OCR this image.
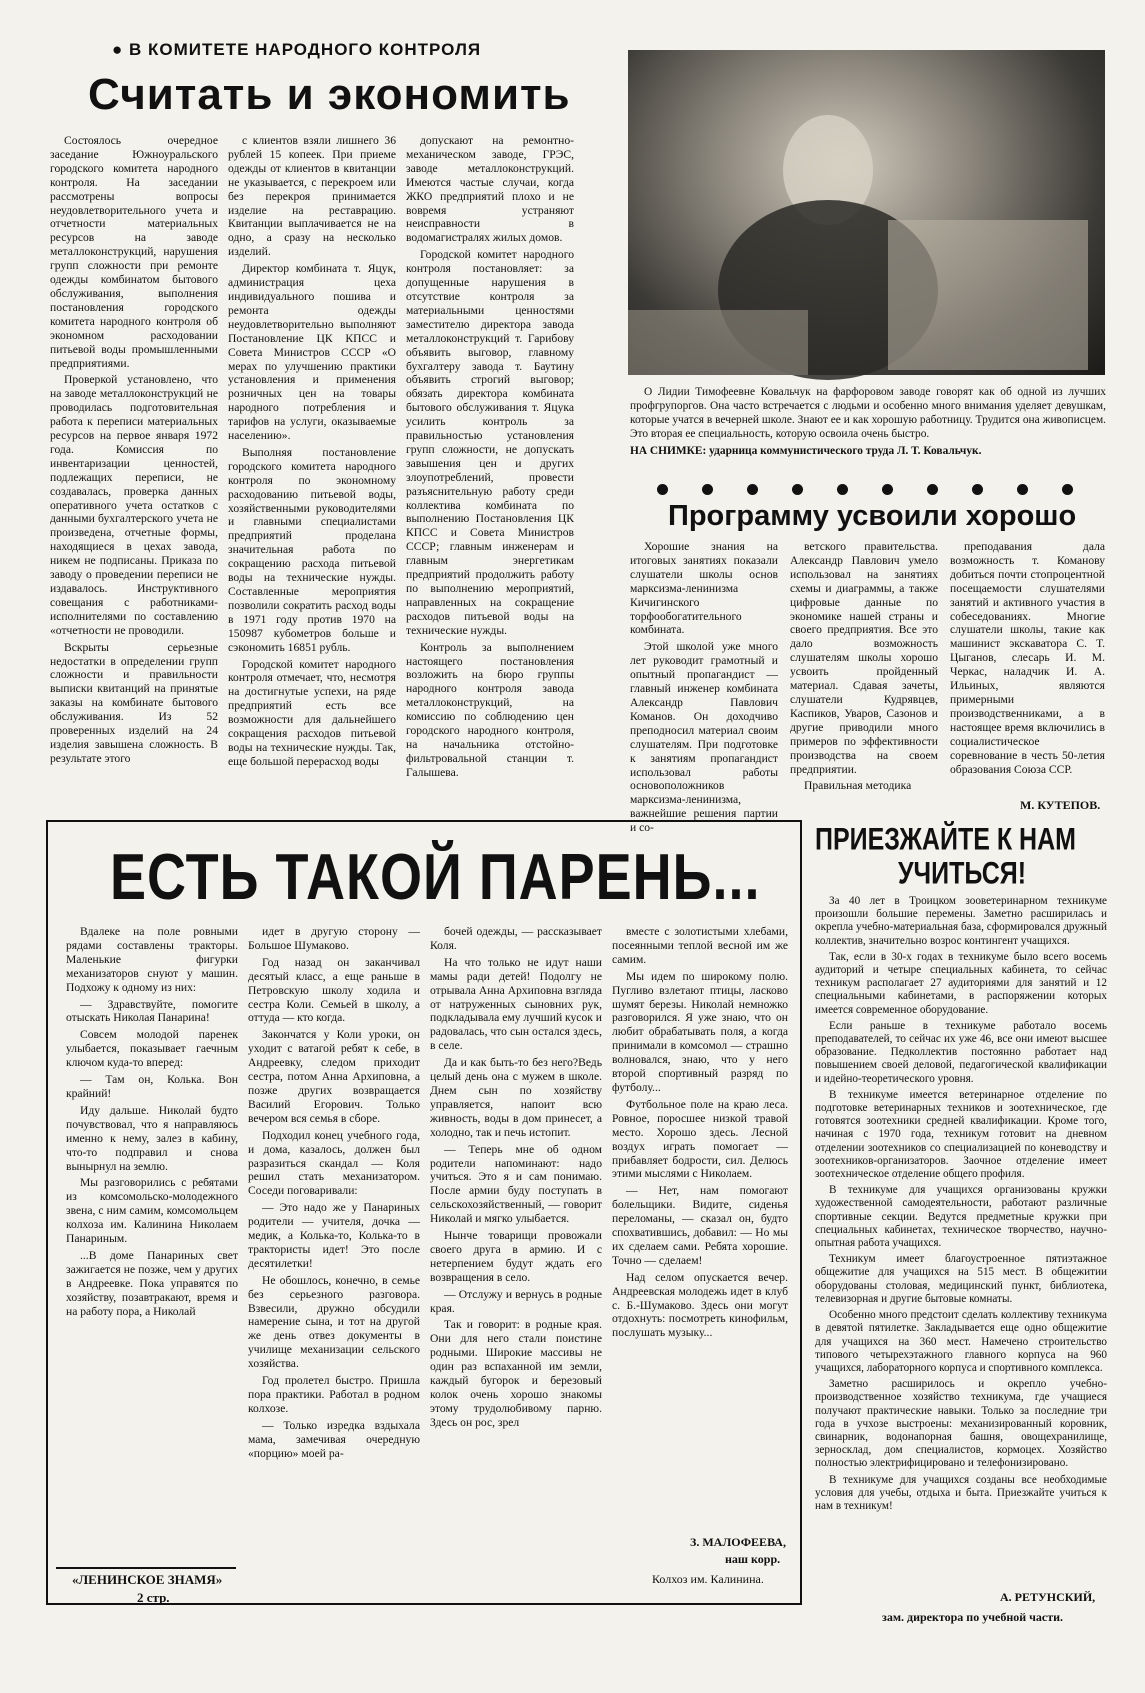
● В КОМИТЕТЕ НАРОДНОГО КОНТРОЛЯ
Считать и экономить

Состоялось очередное заседание Южноуральского городского комитета народного контроля. На заседании рассмотрены вопросы неудовлетворительного учета и отчетности материальных ресурсов на заводе металлоконструкций, нарушения групп сложности при ремонте одежды комбинатом бытового обслуживания, выполнения постановления городского комитета народного контроля об экономном расходовании питьевой воды промышленными предприятиями.

Проверкой установлено, что на заводе металлоконструкций не проводилась подготовительная работа к переписи материальных ресурсов на первое января 1972 года. Комиссия по инвентаризации ценностей, подлежащих переписи, не создавалась, проверка данных оперативного учета остатков с данными бухгалтерского учета не произведена, отчетные формы, находящиеся в цехах завода, никем не подписаны. Приказа по заводу о проведении переписи не издавалось. Инструктивного совещания с работниками-исполнителями по составлению «отчетности не проводили.

Вскрыты серьезные недостатки в определении групп сложности и правильности выписки квитанций на принятые заказы на комбинате бытового обслуживания. Из 52 проверенных изделий на 24 изделия завышена сложность. В результате этого

с клиентов взяли лишнего 36 рублей 15 копеек. При приеме одежды от клиентов в квитанции не указывается, с перекроем или без перекроя принимается изделие на реставрацию. Квитанции выплачивается не на одно, а сразу на несколько изделий.

Директор комбината т. Яцук, администрация цеха индивидуального пошива и ремонта одежды неудовлетворительно выполняют Постановление ЦК КПСС и Совета Министров СССР «О мерах по улучшению практики установления и применения розничных цен на товары народного потребления и тарифов на услуги, оказываемые населению».

Выполняя постановление городского комитета народного контроля по экономному расходованию питьевой воды, хозяйственными руководителями и главными специалистами предприятий проделана значительная работа по сокращению расхода питьевой воды на технические нужды. Составленные мероприятия позволили сократить расход воды в 1971 году против 1970 на 150987 кубометров больше и сэкономить 16851 рубль.

Городской комитет народного контроля отмечает, что, несмотря на достигнутые успехи, на ряде предприятий есть все возможности для дальнейшего сокращения расходов питьевой воды на технические нужды. Так, еще большой перерасход воды

допускают на ремонтно-механическом заводе, ГРЭС, заводе металлоконструкций. Имеются частые случаи, когда ЖКО предприятий плохо и не вовремя устраняют неисправности в водомагистралях жилых домов.

Городской комитет народного контроля постановляет: за допущенные нарушения в отсутствие контроля за материальными ценностями заместителю директора завода металлоконструкций т. Гарибову объявить выговор, главному бухгалтеру завода т. Баутину объявить строгий выговор; обязать директора комбината бытового обслуживания т. Яцука усилить контроль за правильностью установления групп сложности, не допускать завышения цен и других злоупотреблений, провести разъяснительную работу среди коллектива комбината по выполнению Постановления ЦК КПСС и Совета Министров СССР; главным инженерам и главным энергетикам предприятий продолжить работу по выполнению мероприятий, направленных на сокращение расходов питьевой воды на технические нужды.

Контроль за выполнением настоящего постановления возложить на бюро группы народного контроля завода металлоконструкций, на комиссию по соблюдению цен городского народного контроля, на начальника отстойно-фильтровальной станции т. Галышева.

О Лидии Тимофеевне Ковальчук на фарфоровом заводе говорят как об одной из лучших профгрупоргов. Она часто встречается с людьми и особенно много внимания уделяет девушкам, которые учатся в вечерней школе. Знают ее и как хорошую работницу. Трудится она живописцем. Это вторая ее специальность, которую освоила очень быстро.

НА СНИМКЕ: ударница коммунистического труда Л. Т. Ковальчук.

Программу усвоили хорошо

Хорошие знания на итоговых занятиях показали слушатели школы основ марксизма-ленинизма Кичигинского торфообогатительного комбината.

Этой школой уже много лет руководит грамотный и опытный пропагандист — главный инженер комбината Александр Павлович Команов. Он доходчиво преподносил материал своим слушателям. При подготовке к занятиям пропагандист использовал работы основоположников марксизма-ленинизма, важнейшие решения партии и со-

ветского правительства. Александр Павлович умело использовал на занятиях схемы и диаграммы, а также цифровые данные по экономике нашей страны и своего предприятия. Все это дало возможность слушателям школы хорошо усвоить пройденный материал. Сдавая зачеты, слушатели Кудрявцев, Каспиков, Уваров, Сазонов и другие приводили много примеров по эффективности производства на своем предприятии.

Правильная методика

преподавания дала возможность т. Команову добиться почти стопроцентной посещаемости слушателями занятий и активного участия в собеседованиях. Многие слушатели школы, такие как машинист экскаватора С. Т. Цыганов, слесарь И. М. Черкас, наладчик И. А. Ильиных, являются примерными производственниками, а в настоящее время включились в социалистическое соревнование в честь 50-летия образования Союза ССР.

М. КУТЕПОВ.
ЕСТЬ ТАКОЙ ПАРЕНЬ...

Вдалеке на поле ровными рядами составлены тракторы. Маленькие фигурки механизаторов снуют у машин. Подхожу к одному из них:

— Здравствуйте, помогите отыскать Николая Панарина!

Совсем молодой паренек улыбается, показывает гаечным ключом куда-то вперед:

— Там он, Колька. Вон крайний!

Иду дальше. Николай будто почувствовал, что я направляюсь именно к нему, залез в кабину, что-то подправил и снова вынырнул на землю.

Мы разговорились с ребятами из комсомольско-молодежного звена, с ним самим, комсомольцем колхоза им. Калинина Николаем Панариным.

...В доме Панариных свет зажигается не позже, чем у других в Андреевке. Пока управятся по хозяйству, позавтракают, время и на работу пора, а Николай

идет в другую сторону — Большое Шумаково.

Год назад он заканчивал десятый класс, а еще раньше в Петровскую школу ходила и сестра Коли. Семьей в школу, а оттуда — кто когда.

Закончатся у Коли уроки, он уходит с ватагой ребят к себе, в Андреевку, следом приходит сестра, потом Анна Архиповна, а позже других возвращается Василий Егорович. Только вечером вся семья в сборе.

Подходил конец учебного года, и дома, казалось, должен был разразиться скандал — Коля решил стать механизатором. Соседи поговаривали:

— Это надо же у Панариных родители — учителя, дочка — медик, а Колька-то, Колька-то в трактористы идет! Это после десятилетки!

Не обошлось, конечно, в семье без серьезного разговора. Взвесили, дружно обсудили намерение сына, и тот на другой же день отвез документы в училище механизации сельского хозяйства.

Год пролетел быстро. Пришла пора практики. Работал в родном колхозе.

— Только изредка вздыхала мама, замечивая очередную «порцию» моей ра-

бочей одежды, — рассказывает Коля.

На что только не идут наши мамы ради детей! Подолгу не отрывала Анна Архиповна взгляда от натруженных сыновних рук, подкладывала ему лучший кусок и радовалась, что сын остался здесь, в селе.

Да и как быть-то без него?Ведь целый день она с мужем в школе. Днем сын по хозяйству управляется, напоит всю живность, воды в дом принесет, а холодно, так и печь истопит.

— Теперь мне об одном родители напоминают: надо учиться. Это я и сам понимаю. После армии буду поступать в сельскохозяйственный, — говорит Николай и мягко улыбается.

Нынче товарищи провожали своего друга в армию. И с нетерпением будут ждать его возвращения в село.

— Отслужу и вернусь в родные края.

Так и говорит: в родные края. Они для него стали поистине родными. Широкие массивы не один раз вспаханной им земли, каждый бугорок и березовый колок очень хорошо знакомы этому трудолюбивому парню. Здесь он рос, зрел

вместе с золотистыми хлебами, посеянными теплой весной им же самим.

Мы идем по широкому полю. Пугливо взлетают птицы, ласково шумят березы. Николай немножко разговорился. Я уже знаю, что он любит обрабатывать поля, а когда принимали в комсомол — страшно волновался, знаю, что у него второй спортивный разряд по футболу...

Футбольное поле на краю леса. Ровное, поросшее низкой травой место. Хорошо здесь. Лесной воздух играть помогает — прибавляет бодрости, сил. Делюсь этими мыслями с Николаем.

— Нет, нам помогают болельщики. Видите, сиденья переломаны, — сказал он, будто спохватившись, добавил: — Но мы их сделаем сами. Ребята хорошие. Точно — сделаем!

Над селом опускается вечер. Андреевская молодежь идет в клуб с. Б.-Шумаково. Здесь они могут отдохнуть: посмотреть кинофильм, послушать музыку...

З. МАЛОФЕЕВА,
наш корр.
Колхоз им. Калинина.
«ЛЕНИНСКОЕ ЗНАМЯ»
2 стр.
ПРИЕЗЖАЙТЕ К НАМ
УЧИТЬСЯ!

За 40 лет в Троицком зооветеринарном техникуме произошли большие перемены. Заметно расширилась и окрепла учебно-материальная база, сформировался дружный коллектив, значительно возрос контингент учащихся.

Так, если в 30-х годах в техникуме было всего восемь аудиторий и четыре специальных кабинета, то сейчас техникум располагает 27 аудиториями для занятий и 12 специальными кабинетами, в распоряжении которых имеется современное оборудование.

Если раньше в техникуме работало восемь преподавателей, то сейчас их уже 46, все они имеют высшее образование. Педколлектив постоянно работает над повышением своей деловой, педагогической квалификации и идейно-теоретического уровня.

В техникуме имеется ветеринарное отделение по подготовке ветеринарных техников и зоотехническое, где готовятся зоотехники средней квалификации. Кроме того, начиная с 1970 года, техникум готовит на дневном отделении зоотехников со специализацией по коневодству и зоотехников-организаторов. Заочное отделение имеет зоотехническое отделение общего профиля.

В техникуме для учащихся организованы кружки художественной самодеятельности, работают различные спортивные секции. Ведутся предметные кружки при специальных кабинетах, техническое творчество, научно-опытная работа учащихся.

Техникум имеет благоустроенное пятиэтажное общежитие для учащихся на 515 мест. В общежитии оборудованы столовая, медицинский пункт, библиотека, телевизорная и другие бытовые комнаты.

Особенно много предстоит сделать коллективу техникума в девятой пятилетке. Закладывается еще одно общежитие для учащихся на 360 мест. Намечено строительство типового четырехэтажного главного корпуса на 960 учащихся, лабораторного корпуса и спортивного комплекса.

Заметно расширилось и окрепло учебно-производственное хозяйство техникума, где учащиеся получают практические навыки. Только за последние три года в учхозе выстроены: механизированный коровник, свинарник, водонапорная башня, овощехранилище, зерносклад, дом специалистов, кормоцех. Хозяйство полностью электрифицировано и телефонизировано.

В техникуме для учащихся созданы все необходимые условия для учебы, отдыха и быта. Приезжайте учиться к нам в техникум!

А. РЕТУНСКИЙ,
зам. директора по учебной части.
